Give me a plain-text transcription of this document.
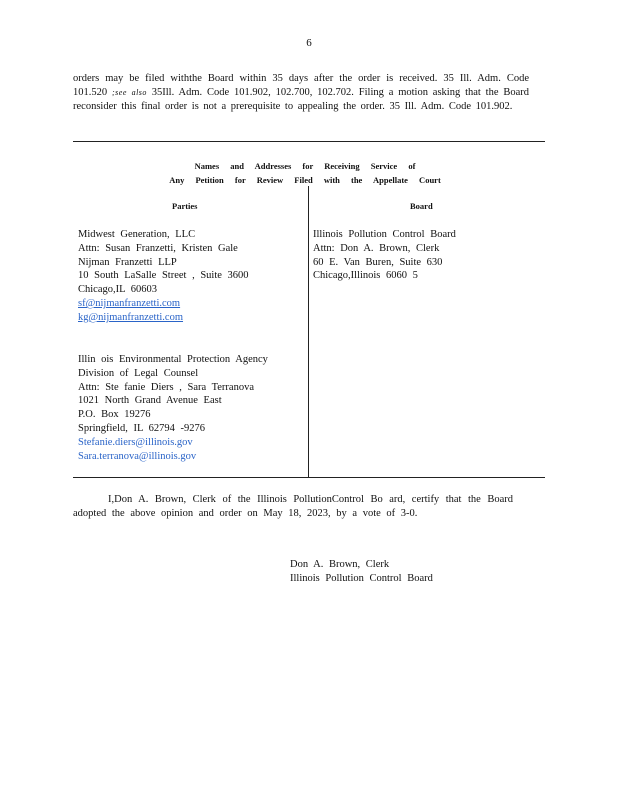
6

orders may be filed withthe Board within 35 days after the order is received. 35 Ill. Adm. Code 101.520 ;see also 35Ill. Adm. Code 101.902, 102.700, 102.702. Filing a motion asking that the Board reconsider this final order is not a prerequisite to appealing the order. 35 Ill. Adm. Code 101.902.

Names and Addresses for Receiving Service of
Any Petition for Review Filed with the Appellate Court
Parties	Board
Midwest Generation, LLC
Attn: Susan Franzetti, Kristen Gale
Nijman Franzetti LLP
10 South LaSalle Street , Suite 3600
Chicago,IL 60603
sf@nijmanfranzetti.com
kg@nijmanfranzetti.com
Illin ois Environmental Protection Agency
Division of Legal Counsel
Attn: Ste fanie Diers , Sara Terranova
1021 North Grand Avenue East
P.O. Box 19276
Springfield, IL 62794 -9276
Stefanie.diers@illinois.gov
Sara.terranova@illinois.gov
Illinois Pollution Control Board
Attn: Don A. Brown, Clerk
60 E. Van Buren, Suite 630
Chicago,Illinois 6060 5

I,Don A. Brown, Clerk of the Illinois PollutionControl Bo ard, certify that the Board adopted the above opinion and order on May 18, 2023, by a vote of 3-0.

Don A. Brown, Clerk
Illinois Pollution Control Board
